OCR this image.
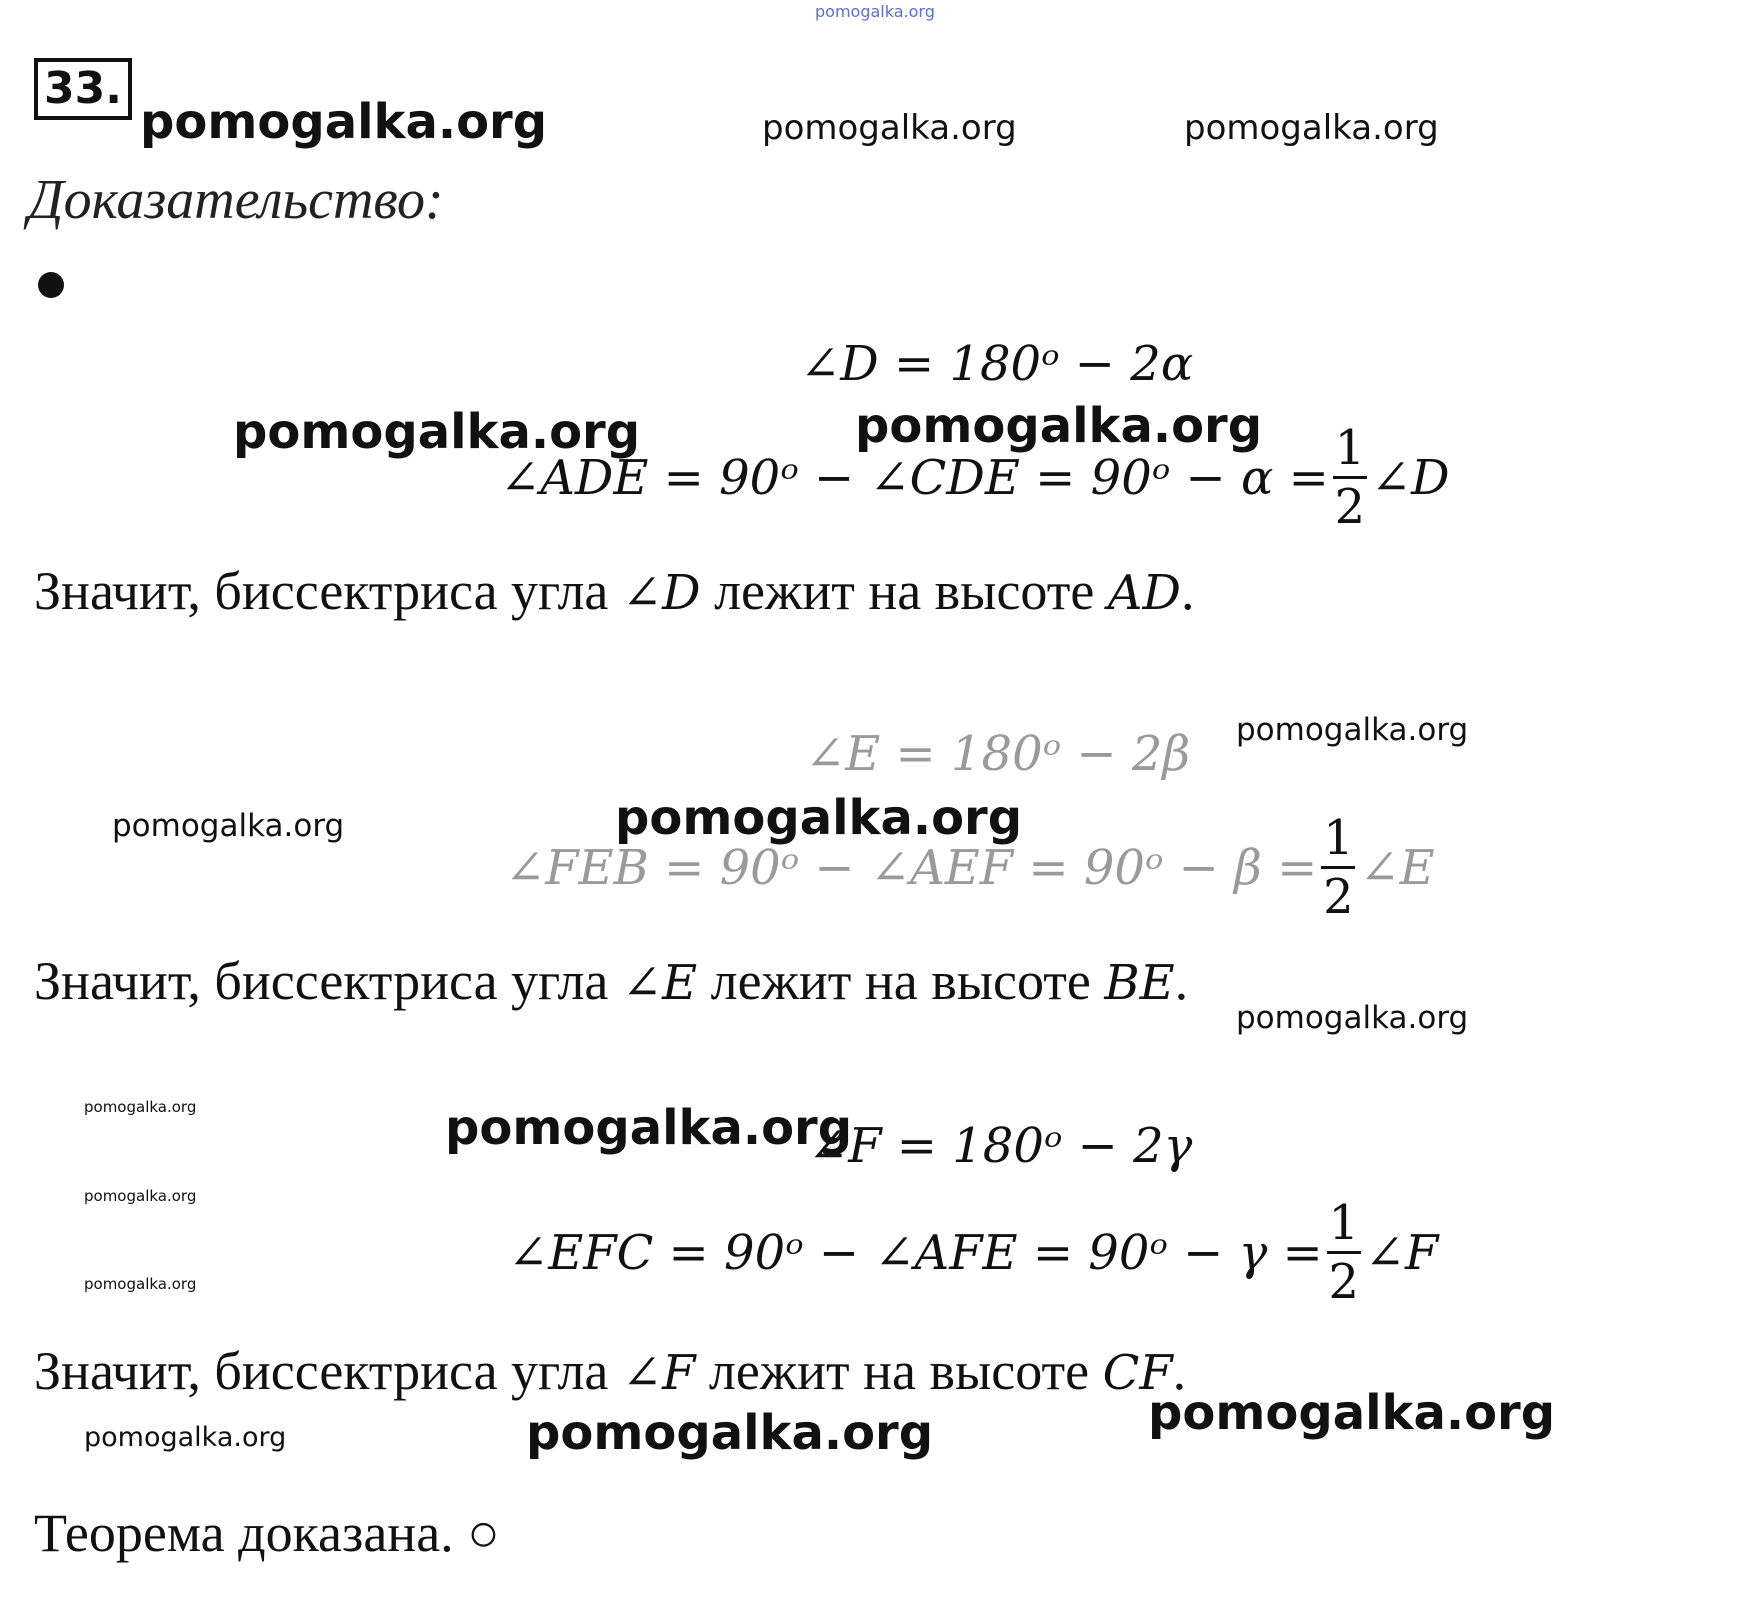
pomogalka.org
33.
pomogalka.org	pomogalka.org	pomogalka.org
Доказательство:
∠D = 180ᵒ − 2α
pomogalka.org	pomogalka.org
∠ADE = 90ᵒ − ∠CDE = 90ᵒ − $\alpha = \frac{1}{2}$ ∠D
Значит, биссектриса угла ∠D лежит на высоте AD.
∠E = 180ᵒ − 2β pomogalka.org
pomogalka.org	pomogalka.org
∠FEB = 90ᵒ − ∠AEF = 90ᵒ − $\beta = \frac{1}{2}$ ∠E
Значит, биссектриса угла ∠E лежит на высоте BE.
pomogalka.org
pomogalka.org
pomogalka.org
pomogalka.org
pomogalka.org
∠F = 180ᵒ − 2γ
∠EFC = 90ᵒ − ∠AFE = 90ᵒ − $\gamma = \frac{1}{2}$ ∠F
Значит, биссектриса угла ∠F лежит на высоте CF.
pomogalka.org	pomogalka.org	pomogalka.org
Теорема доказана. ○
